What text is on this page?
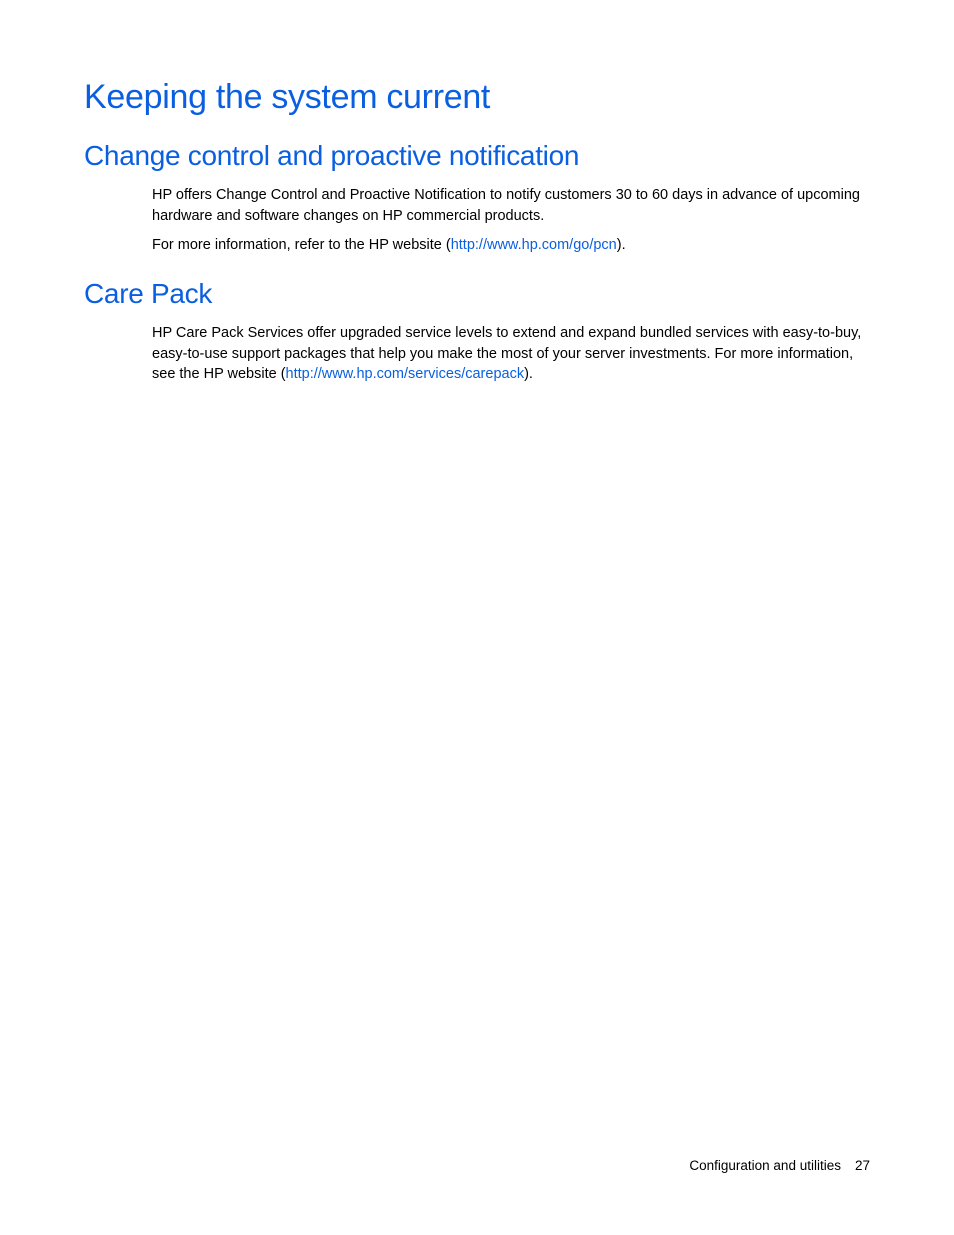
Keeping the system current
Change control and proactive notification

HP offers Change Control and Proactive Notification to notify customers 30 to 60 days in advance of upcoming hardware and software changes on HP commercial products.

For more information, refer to the HP website (http://www.hp.com/go/pcn).

Care Pack

HP Care Pack Services offer upgraded service levels to extend and expand bundled services with easy-to-buy, easy-to-use support packages that help you make the most of your server investments. For more information, see the HP website (http://www.hp.com/services/carepack).

Configuration and utilities 27
